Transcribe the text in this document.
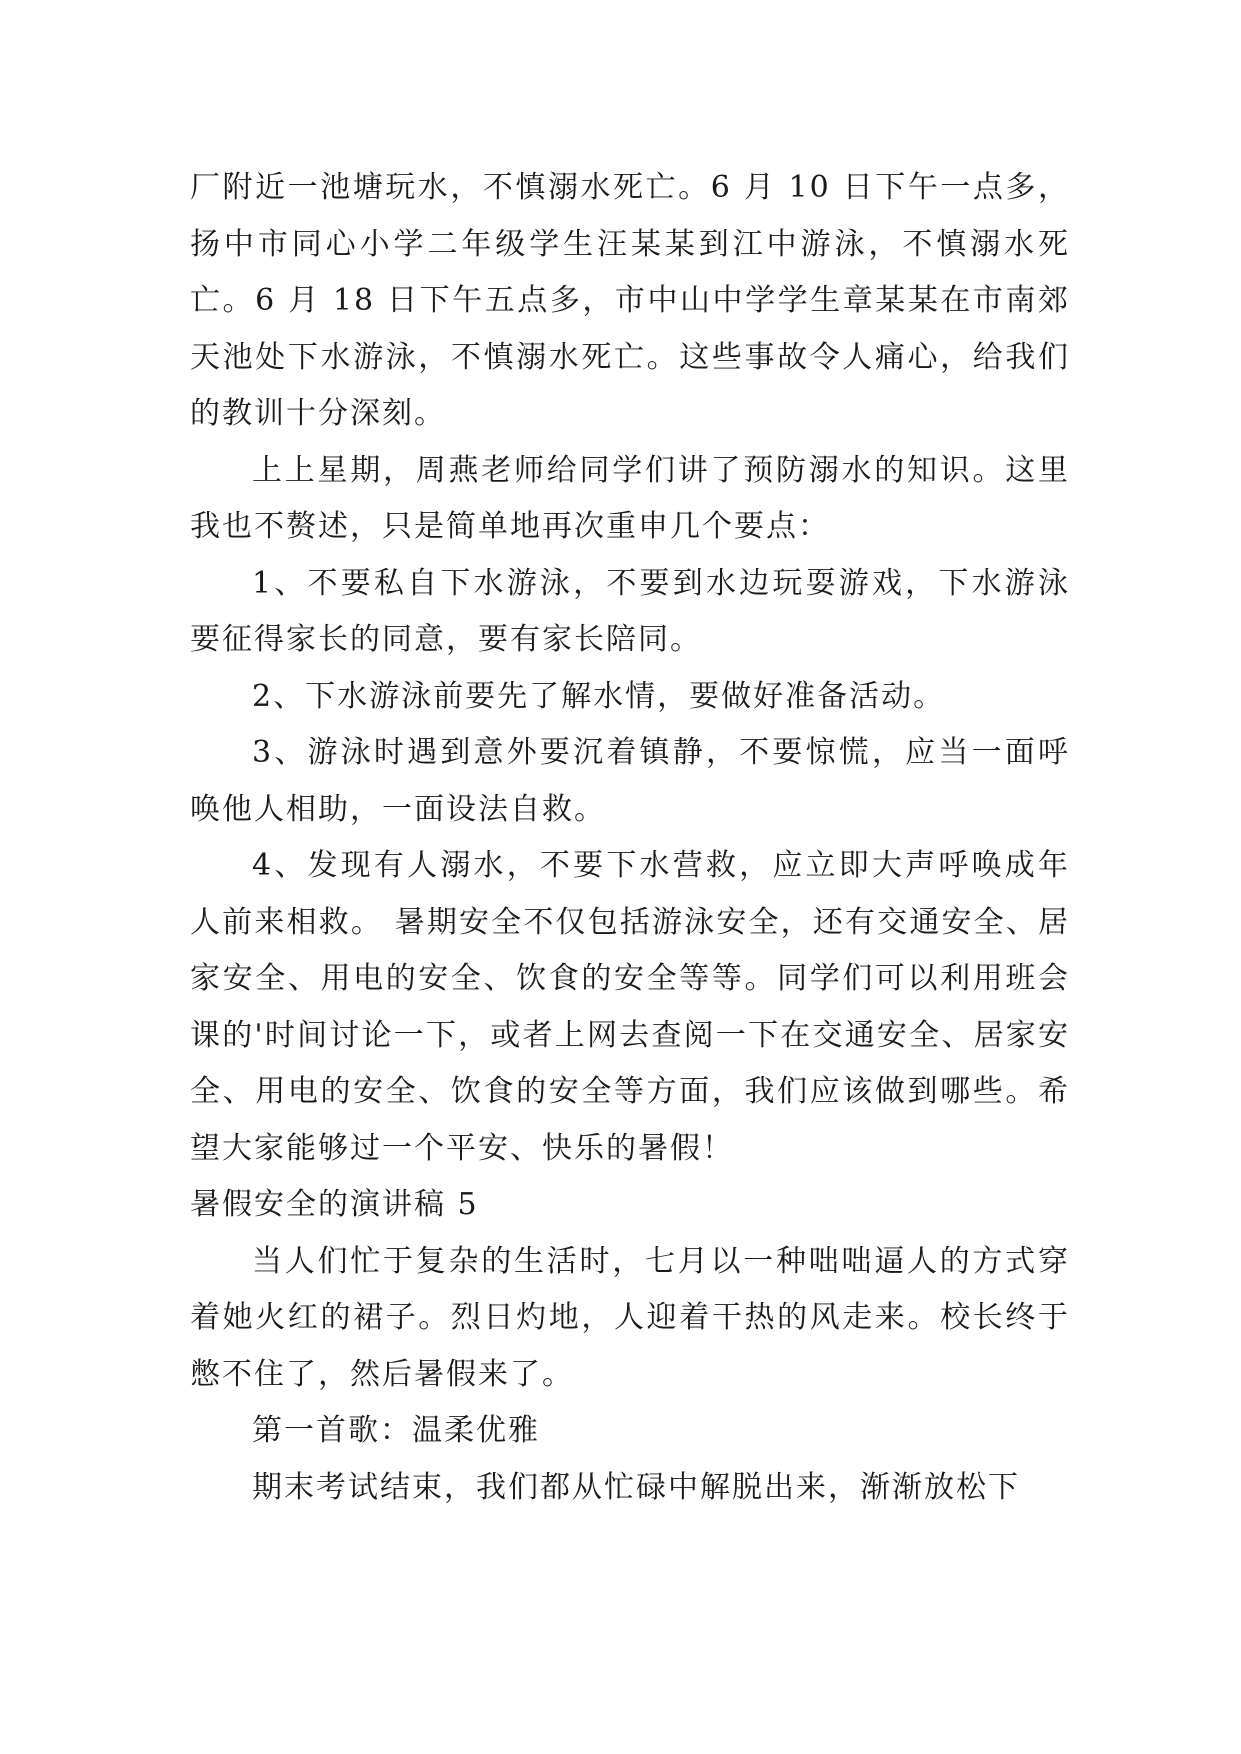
厂附近一池塘玩水，不慎溺水死亡。6 月 10 日下午一点多，扬中市同心小学二年级学生汪某某到江中游泳，不慎溺水死亡。6 月 18 日下午五点多，市中山中学学生章某某在市南郊天池处下水游泳，不慎溺水死亡。这些事故令人痛心，给我们的教训十分深刻。

上上星期，周燕老师给同学们讲了预防溺水的知识。这里我也不赘述，只是简单地再次重申几个要点：

1、不要私自下水游泳，不要到水边玩耍游戏，下水游泳要征得家长的同意，要有家长陪同。

2、下水游泳前要先了解水情，要做好准备活动。

3、游泳时遇到意外要沉着镇静，不要惊慌，应当一面呼唤他人相助，一面设法自救。

4、发现有人溺水，不要下水营救，应立即大声呼唤成年人前来相救。 暑期安全不仅包括游泳安全，还有交通安全、居家安全、用电的安全、饮食的安全等等。同学们可以利用班会课的'时间讨论一下，或者上网去查阅一下在交通安全、居家安全、用电的安全、饮食的安全等方面，我们应该做到哪些。希望大家能够过一个平安、快乐的暑假！

暑假安全的演讲稿 5

当人们忙于复杂的生活时，七月以一种咄咄逼人的方式穿着她火红的裙子。烈日灼地，人迎着干热的风走来。校长终于憋不住了，然后暑假来了。

第一首歌：温柔优雅

期末考试结束，我们都从忙碌中解脱出来，渐渐放松下
